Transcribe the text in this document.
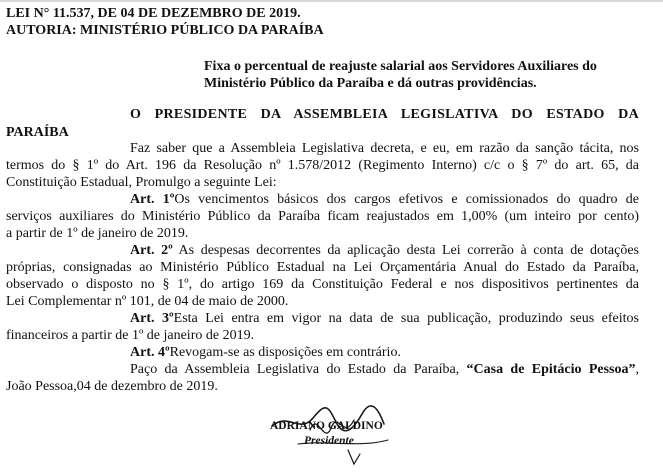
LEI N° 11.537, DE 04 DE DEZEMBRO DE 2019.
AUTORIA: MINISTÉRIO PÚBLICO DA PARAÍBA
Fixa o percentual de reajuste salarial aos Servidores Auxiliares do
Ministério Público da Paraíba e dá outras providências.
O PRESIDENTE DA ASSEMBLEIA LEGISLATIVA DO ESTADO DA
PARAÍBA
Faz saber que a Assembleia Legislativa decreta, e eu, em razão da sanção tácita, nos
termos do § 1º do Art. 196 da Resolução nº 1.578/2012 (Regimento Interno) c/c o § 7º do art. 65, da
Constituição Estadual, Promulgo a seguinte Lei:
Art. 1ºOs vencimentos básicos dos cargos efetivos e comissionados do quadro de
serviços auxiliares do Ministério Público da Paraíba ficam reajustados em 1,00% (um inteiro por cento)
a partir de 1º de janeiro de 2019.
Art. 2º As despesas decorrentes da aplicação desta Lei correrão à conta de dotações
próprias, consignadas ao Ministério Público Estadual na Lei Orçamentária Anual do Estado da Paraíba,
observado o disposto no § 1º, do artigo 169 da Constituição Federal e nos dispositivos pertinentes da
Lei Complementar nº 101, de 04 de maio de 2000.
Art. 3ºEsta Lei entra em vigor na data de sua publicação, produzindo seus efeitos
financeiros a partir de 1º de janeiro de 2019.
Art. 4ºRevogam-se as disposições em contrário.
Paço da Assembleia Legislativa do Estado da Paraíba, “Casa de Epitácio Pessoa”,
João Pessoa,04 de dezembro de 2019.
ADRIANO GALDINO
Presidente
